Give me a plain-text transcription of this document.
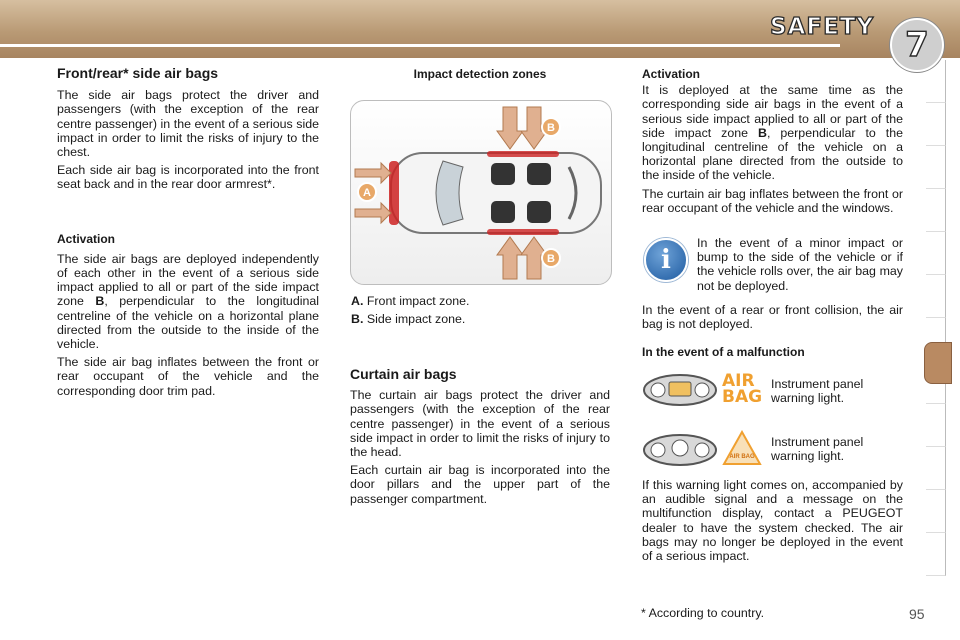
SAFETY 7
Front/rear* side air bags

The side air bags protect the driver and passengers (with the exception of the rear centre passenger) in the event of a serious side impact in order to limit the risks of injury to the chest.

Each side air bag is incorporated into the front seat back and in the rear door armrest*.

Activation

The side air bags are deployed independently of each other in the event of a serious side impact applied to all or part of the side impact zone B, perpendicular to the longitudinal centreline of the vehicle on a horizontal plane directed from the outside to the inside of the vehicle.

The side air bag inflates between the front or rear occupant of the vehicle and the corresponding door trim pad.

Impact detection zones
A
B
B
A. Front impact zone.
B. Side impact zone.
Curtain air bags

The curtain air bags protect the driver and passengers (with the exception of the rear centre passenger) in the event of a serious side impact in order to limit the risks of injury to the head.

Each curtain air bag is incorporated into the door pillars and the upper part of the passenger compartment.

Activation

It is deployed at the same time as the corresponding side air bags in the event of a serious side impact applied to all or part of the side impact zone B, perpendicular to the longitudinal centreline of the vehicle on a horizontal plane directed from the outside to the inside of the vehicle.

The curtain air bag inflates between the front or rear occupant of the vehicle and the windows.

i

In the event of a minor impact or bump to the side of the vehicle or if the vehicle rolls over, the air bag may not be deployed.

In the event of a rear or front collision, the air bag is not deployed.

In the event of a malfunction
AIR
BAG

Instrument panel warning light.

AIR BAG

Instrument panel warning light.

If this warning light comes on, accompanied by an audible signal and a message on the multifunction display, contact a PEUGEOT dealer to have the system checked. The air bags may no longer be deployed in the event of a serious impact.

* According to country.	95
